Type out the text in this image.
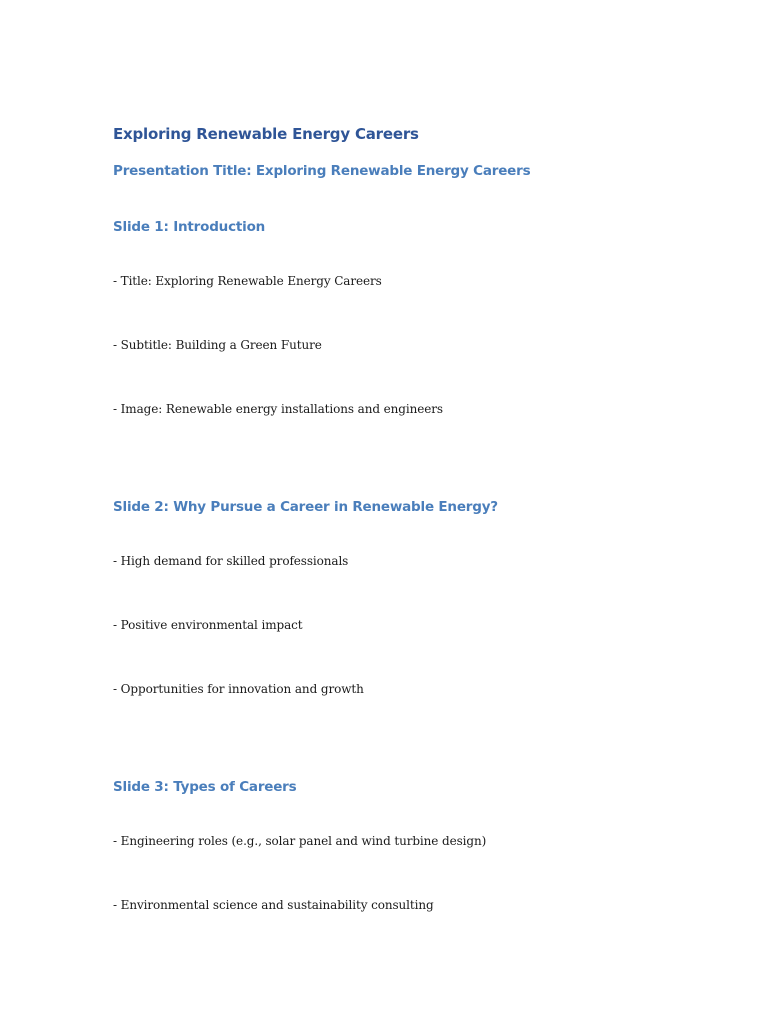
Exploring Renewable Energy Careers
Presentation Title: Exploring Renewable Energy Careers
Slide 1: Introduction
- Title: Exploring Renewable Energy Careers
- Subtitle: Building a Green Future
- Image: Renewable energy installations and engineers
Slide 2: Why Pursue a Career in Renewable Energy?
- High demand for skilled professionals
- Positive environmental impact
- Opportunities for innovation and growth
Slide 3: Types of Careers
- Engineering roles (e.g., solar panel and wind turbine design)
- Environmental science and sustainability consulting
